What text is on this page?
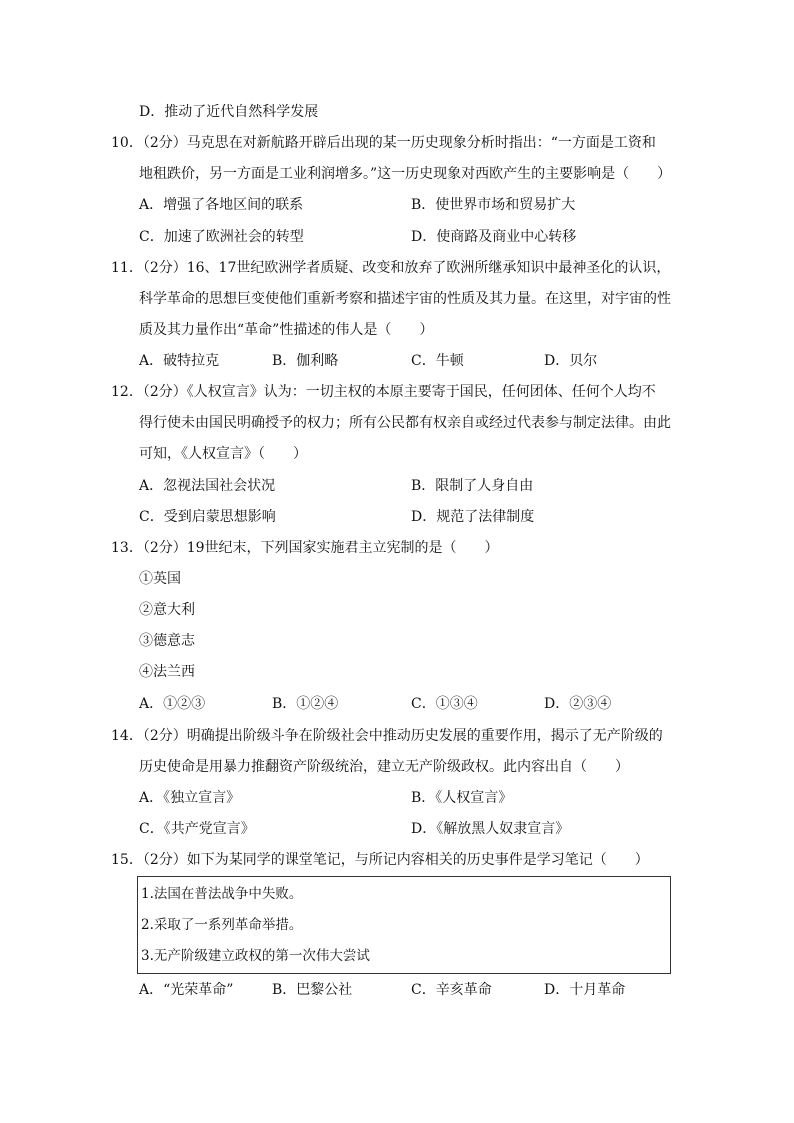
D．推动了近代自然科学发展
10．（2分）马克思在对新航路开辟后出现的某一历史现象分析时指出：“一方面是工资和
地租跌价，另一方面是工业利润增多。”这一历史现象对西欧产生的主要影响是（　　）
A．增强了各地区间的联系	B．使世界市场和贸易扩大
C．加速了欧洲社会的转型	D．使商路及商业中心转移
11．（2分）16、17世纪欧洲学者质疑、改变和放弃了欧洲所继承知识中最神圣化的认识，
科学革命的思想巨变使他们重新考察和描述宇宙的性质及其力量。在这里，对宇宙的性
质及其力量作出“革命”性描述的伟人是（　　）
A．破特拉克	B．伽利略	C．牛顿	D．贝尔
12．（2分）《人权宣言》认为：一切主权的本原主要寄于国民，任何团体、任何个人均不
得行使未由国民明确授予的权力；所有公民都有权亲自或经过代表参与制定法律。由此
可知，《人权宣言》（　　）
A．忽视法国社会状况	B．限制了人身自由
C．受到启蒙思想影响	D．规范了法律制度
13．（2分）19世纪末，下列国家实施君主立宪制的是（　　）
①英国
②意大利
③德意志
④法兰西
A．①②③	B．①②④	C．①③④	D．②③④
14．（2分）明确提出阶级斗争在阶级社会中推动历史发展的重要作用，揭示了无产阶级的
历史使命是用暴力推翻资产阶级统治，建立无产阶级政权。此内容出自（　　）
A．《独立宣言》	B．《人权宣言》
C．《共产党宣言》	D．《解放黑人奴隶宣言》
15．（2分）如下为某同学的课堂笔记，与所记内容相关的历史事件是学习笔记（　　）
1.法国在普法战争中失败。
2.采取了一系列革命举措。
3.无产阶级建立政权的第一次伟大尝试
A．“光荣革命”	B．巴黎公社	C．辛亥革命	D．十月革命
